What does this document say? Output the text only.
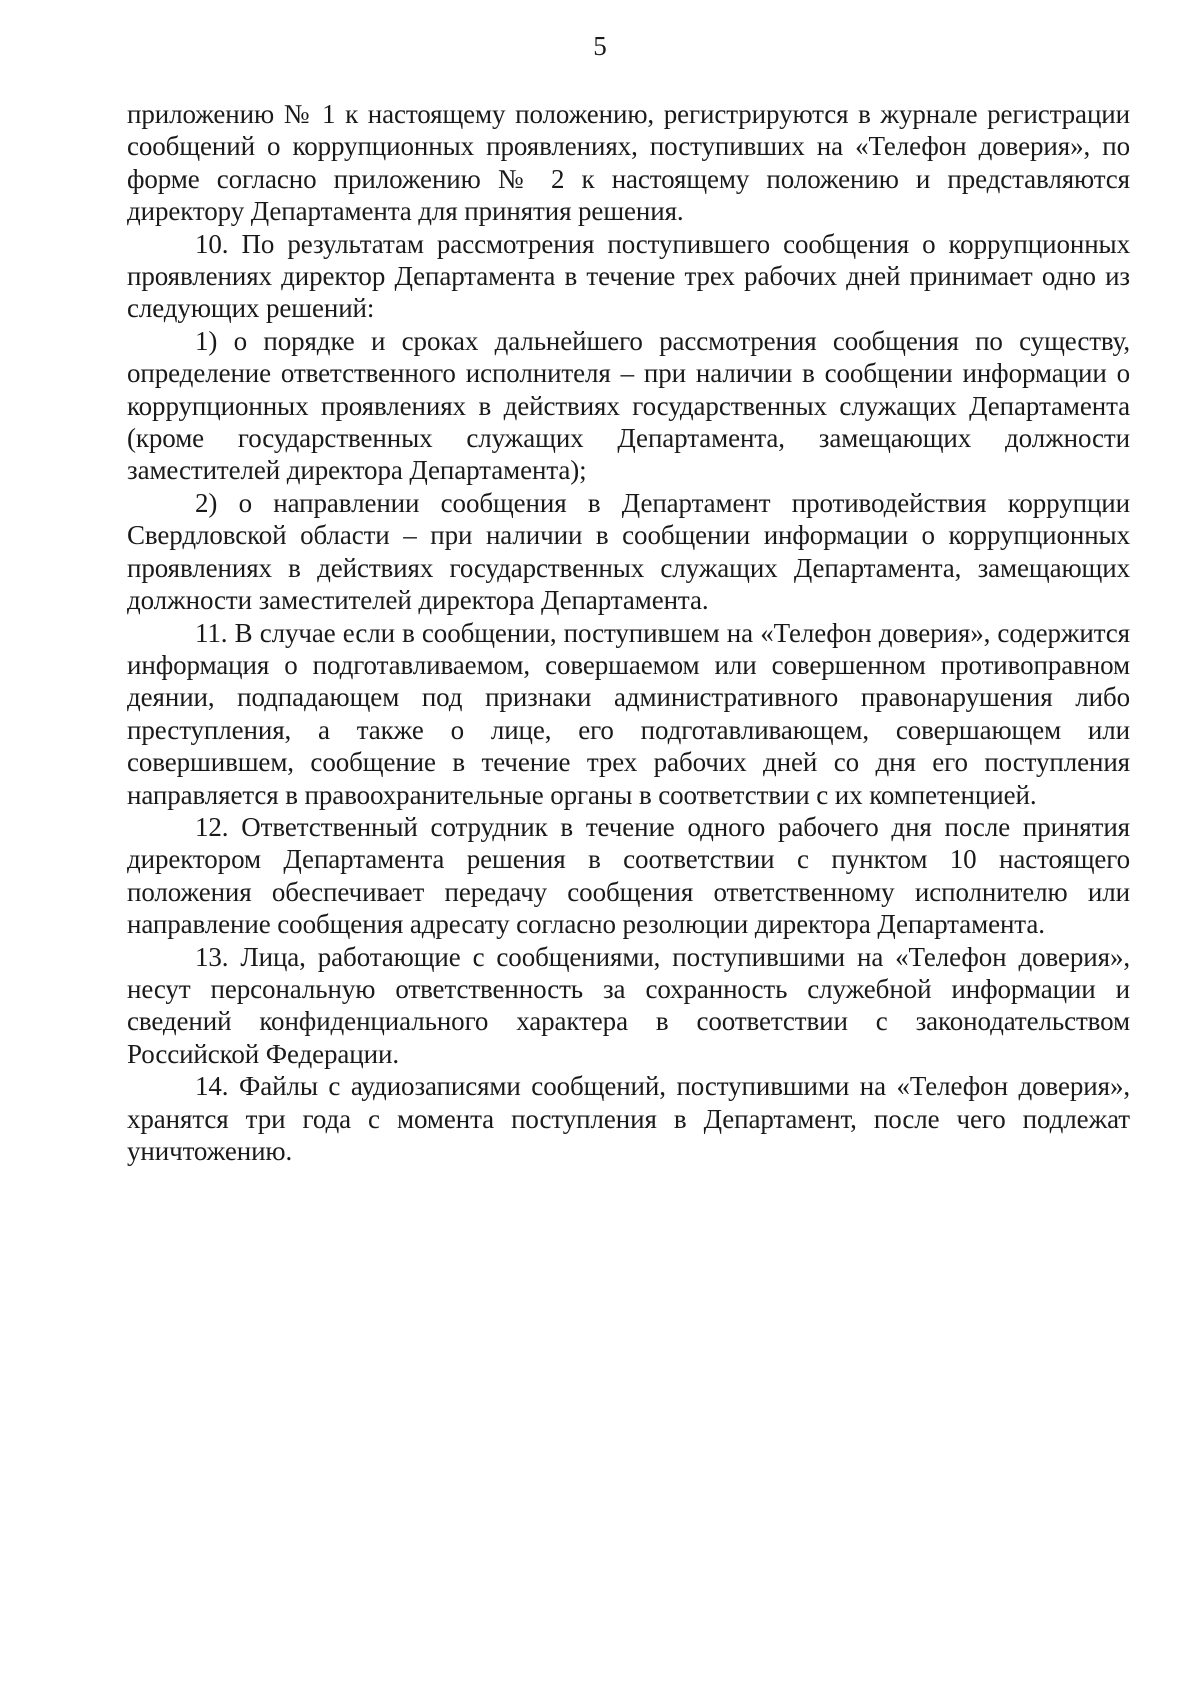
5

приложению № 1 к настоящему положению, регистрируются в журнале регистрации сообщений о коррупционных проявлениях, поступивших на «Телефон доверия», по форме согласно приложению № 2 к настоящему положению и представляются директору Департамента для принятия решения.

10. По результатам рассмотрения поступившего сообщения о коррупционных проявлениях директор Департамента в течение трех рабочих дней принимает одно из следующих решений:

1) о порядке и сроках дальнейшего рассмотрения сообщения по существу, определение ответственного исполнителя – при наличии в сообщении информации о коррупционных проявлениях в действиях государственных служащих Департамента (кроме государственных служащих Департамента, замещающих должности заместителей директора Департамента);

2) о направлении сообщения в Департамент противодействия коррупции Свердловской области – при наличии в сообщении информации о коррупционных проявлениях в действиях государственных служащих Департамента, замещающих должности заместителей директора Департамента.

11. В случае если в сообщении, поступившем на «Телефон доверия», содержится информация о подготавливаемом, совершаемом или совершенном противоправном деянии, подпадающем под признаки административного правонарушения либо преступления, а также о лице, его подготавливающем, совершающем или совершившем, сообщение в течение трех рабочих дней со дня его поступления направляется в правоохранительные органы в соответствии с их компетенцией.

12. Ответственный сотрудник в течение одного рабочего дня после принятия директором Департамента решения в соответствии с пунктом 10 настоящего положения обеспечивает передачу сообщения ответственному исполнителю или направление сообщения адресату согласно резолюции директора Департамента.

13. Лица, работающие с сообщениями, поступившими на «Телефон доверия», несут персональную ответственность за сохранность служебной информации и сведений конфиденциального характера в соответствии с законодательством Российской Федерации.

14. Файлы с аудиозаписями сообщений, поступившими на «Телефон доверия», хранятся три года с момента поступления в Департамент, после чего подлежат уничтожению.
